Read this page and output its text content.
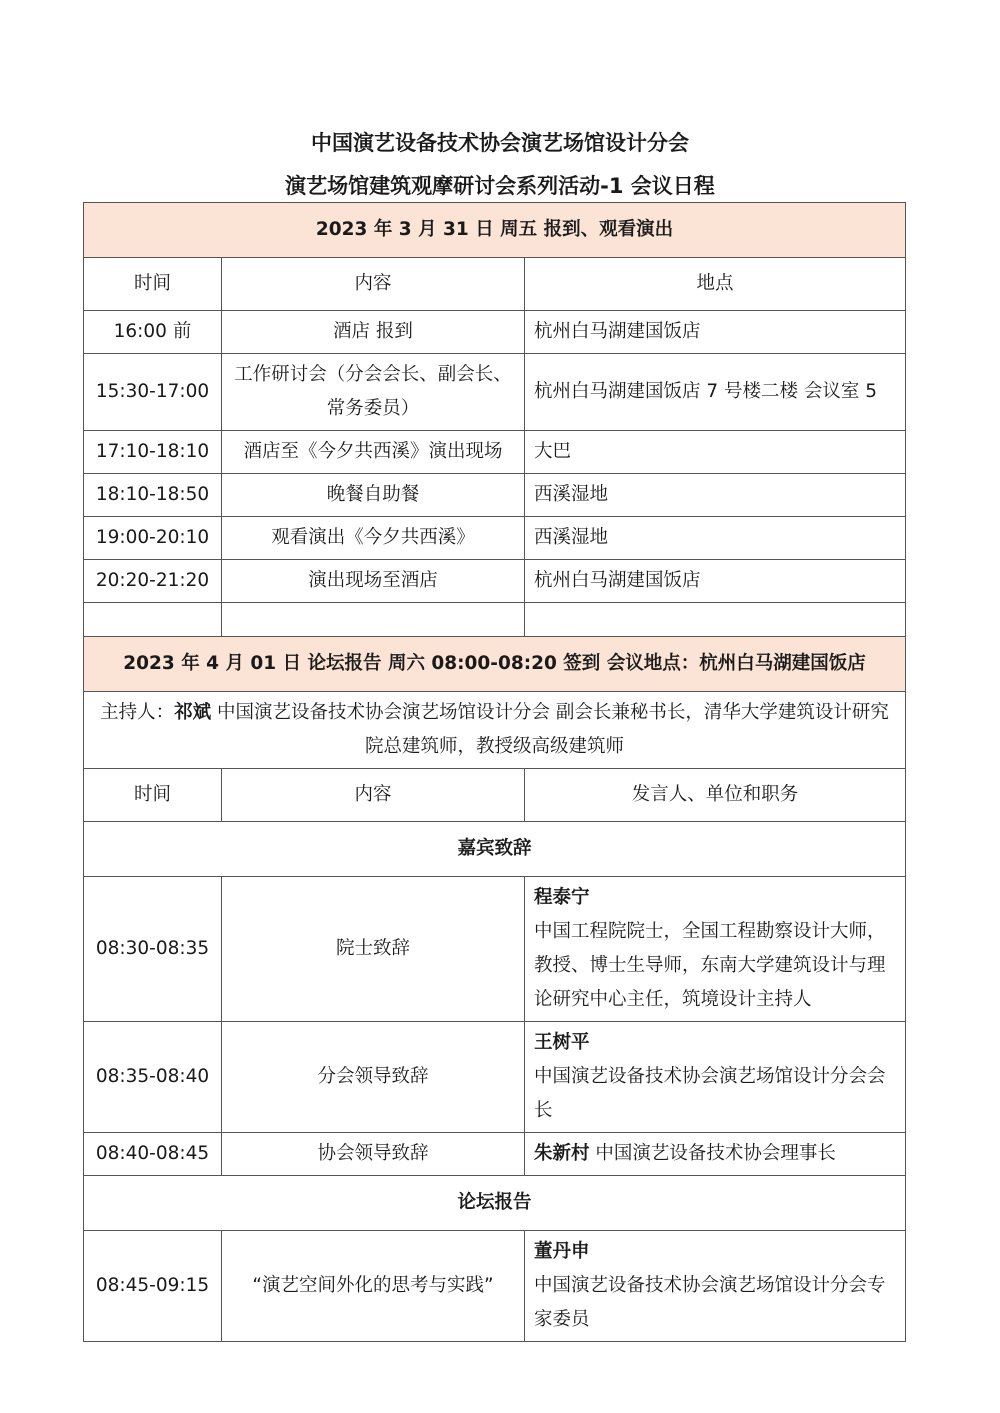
中国演艺设备技术协会演艺场馆设计分会
演艺场馆建筑观摩研讨会系列活动-1 会议日程
2023 年 3 月 31 日 周五 报到、观看演出		
时间	内容	地点
16:00 前	酒店 报到	杭州白马湖建国饭店
15:30-17:00	工作研讨会（分会会长、副会长、常务委员）	杭州白马湖建国饭店 7 号楼二楼 会议室 5
17:10-18:10	酒店至《今夕共西溪》演出现场	大巴
18:10-18:50	晚餐自助餐	西溪湿地
19:00-20:10	观看演出《今夕共西溪》	西溪湿地
20:20-21:20	演出现场至酒店	杭州白马湖建国饭店

2023 年 4 月 01 日 论坛报告 周六 08:00-08:20 签到 会议地点：杭州白马湖建国饭店		
主持人：祁斌 中国演艺设备技术协会演艺场馆设计分会 副会长兼秘书长，清华大学建筑设计研究院总建筑师，教授级高级建筑师		
时间	内容	发言人、单位和职务
嘉宾致辞		
08:30-08:35	院士致辞	程泰宁
中国工程院院士，全国工程勘察设计大师，教授、博士生导师，东南大学建筑设计与理论研究中心主任，筑境设计主持人
08:35-08:40	分会领导致辞	王树平
中国演艺设备技术协会演艺场馆设计分会会长
08:40-08:45	协会领导致辞	朱新村 中国演艺设备技术协会理事长
论坛报告		
08:45-09:15	“演艺空间外化的思考与实践”	董丹申
中国演艺设备技术协会演艺场馆设计分会专家委员
